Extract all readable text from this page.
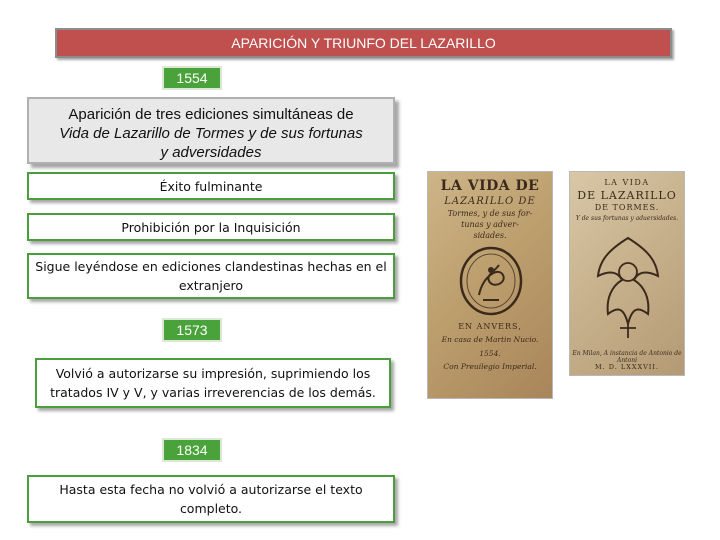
APARICIÓN Y TRIUNFO DEL LAZARILLO
1554
Aparición de tres ediciones simultáneas de
Vida de Lazarillo de Tormes y de sus fortunas
y adversidades
Éxito fulminante
Prohibición por la Inquisición
Sigue leyéndose en ediciones clandestinas hechas en el extranjero
1573
Volvió a autorizarse su impresión, suprimiendo los tratados IV y V, y varias irreverencias de los demás.
1834
Hasta esta fecha no volvió a autorizarse el texto completo.
LA VIDA DE
LAZARILLO DE
Tormes, y de sus for-
tunas y adver-
sidades.
EN ANVERS,
En casa de Martin Nucio.
1554.
Con Preuilegio Imperial.
LA VIDA
DE LAZARILLO
DE TORMES.
Y de sus fortunas y aduersidades.
En Milan, A instancia de Antonio de Antoni
M. D. LXXXVII.
